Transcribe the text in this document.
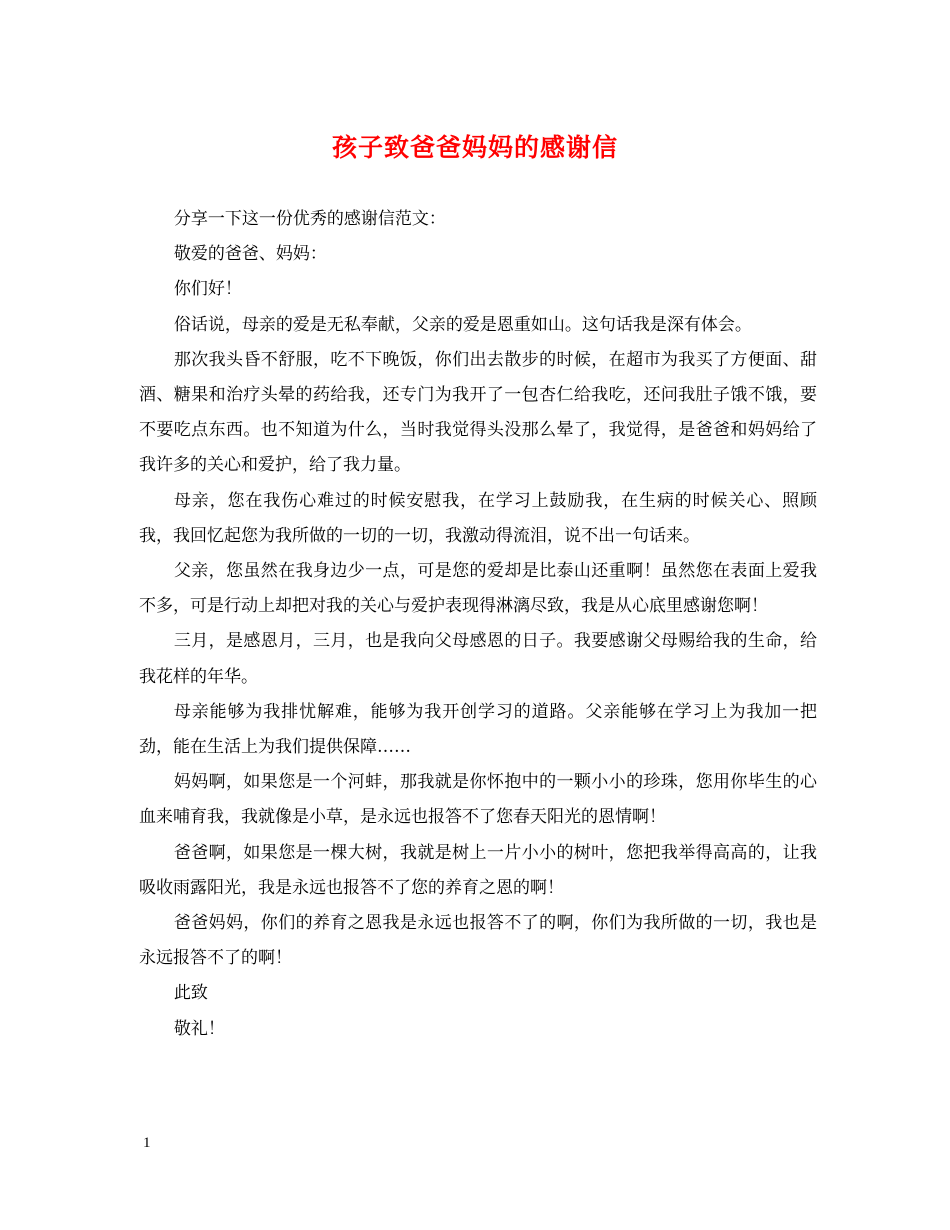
孩子致爸爸妈妈的感谢信

分享一下这一份优秀的感谢信范文：

敬爱的爸爸、妈妈：

你们好！

俗话说，母亲的爱是无私奉献，父亲的爱是恩重如山。这句话我是深有体会。

那次我头昏不舒服，吃不下晚饭，你们出去散步的时候，在超市为我买了方便面、甜酒、糖果和治疗头晕的药给我，还专门为我开了一包杏仁给我吃，还问我肚子饿不饿，要不要吃点东西。也不知道为什么，当时我觉得头没那么晕了，我觉得，是爸爸和妈妈给了我许多的关心和爱护，给了我力量。

母亲，您在我伤心难过的时候安慰我，在学习上鼓励我，在生病的时候关心、照顾我，我回忆起您为我所做的一切的一切，我激动得流泪，说不出一句话来。

父亲，您虽然在我身边少一点，可是您的爱却是比泰山还重啊！虽然您在表面上爱我不多，可是行动上却把对我的关心与爱护表现得淋漓尽致，我是从心底里感谢您啊！

三月，是感恩月，三月，也是我向父母感恩的日子。我要感谢父母赐给我的生命，给我花样的年华。

母亲能够为我排忧解难，能够为我开创学习的道路。父亲能够在学习上为我加一把劲，能在生活上为我们提供保障……

妈妈啊，如果您是一个河蚌，那我就是你怀抱中的一颗小小的珍珠，您用你毕生的心血来哺育我，我就像是小草，是永远也报答不了您春天阳光的恩情啊！

爸爸啊，如果您是一棵大树，我就是树上一片小小的树叶，您把我举得高高的，让我吸收雨露阳光，我是永远也报答不了您的养育之恩的啊！

爸爸妈妈，你们的养育之恩我是永远也报答不了的啊，你们为我所做的一切，我也是永远报答不了的啊！

此致

敬礼！

1
